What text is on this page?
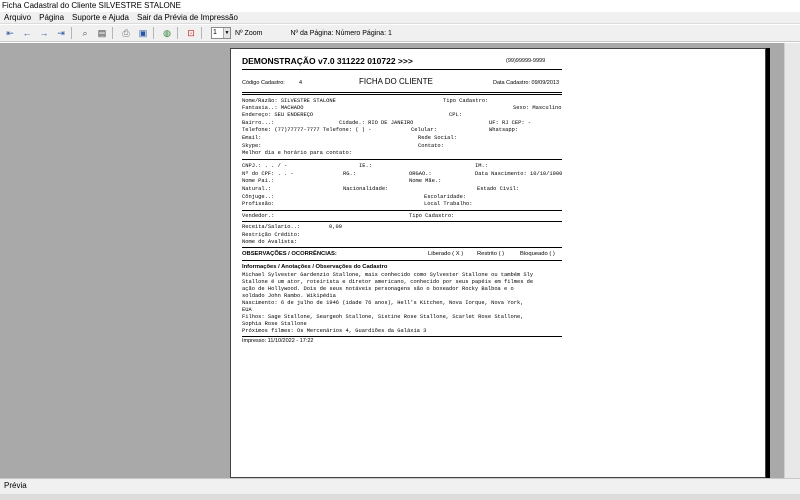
Ficha Cadastral do Cliente SILVESTRE STALONE
Arquivo	Página	Suporte e Ajuda	Sair da Prévia de Impressão
⇤ ← → ⇥	⌕	▤	⎙	▣	◍	⊡	1	▼ Nº Zoom	Nº da Página: Número Página: 1
DEMONSTRAÇÃO v7.0 311222 010722 >>>	(99)99999-9999
Código Cadastro:	4	FICHA DO CLIENTE	Data Cadastro: 09/09/2013
Nome/Razão: SILVESTRE STALONE	Tipo Cadastro:
Fantasia..: MACHADO	Sexo: Masculino
Endereço: SEU ENDEREÇO	CPL:
Bairro...:	Cidade.: RIO DE JANEIRO	UF: RJ CEP: -
Telefone: (77)77777-7777 Telefone: ( ) -	Celular:	Whatsapp:
Email:	Rede Social:
Skype:	Contato:
Melhor dia e horário para contato:
CNPJ.: . . / -	IE.:	IM.:
Nº do CPF: . . -	RG.:	ORGAO.:	Data Nascimento: 10/10/1900
Nome Pai.:	Nome Mãe.:
Natural.:	Nacionalidade:	Estado Civil:
Cônjuge..:	Escolaridade:
Profissão:	Local Trabalho:
Vendedor.:	Tipo Cadastro:
Receita/Salario..:	0,00
Restrição Crédito:
Nome do Avalista:
OBSERVAÇÕES / OCORRÊNCIAS:	Liberado ( X ) Restrito ( )	Bloqueado ( )
Informações / Anotações / Observações do Cadastro
Michael Sylvester Gardenzio Stallone, mais conhecido como Sylvester Stallone ou também Sly
Stallone é um ator, roteirista e diretor americano, conhecido por seus papéis em filmes de
ação de Hollywood. Dois de seus notáveis personagens são o boxeador Rocky Balboa e o
soldado John Rambo. Wikipédia
Nascimento: 6 de julho de 1946 (idade 76 anos), Hell's Kitchen, Nova Iorque, Nova York,
EUA
Filhos: Sage Stallone, Seargeoh Stallone, Sistine Rose Stallone, Scarlet Rose Stallone,
Sophia Rose Stallone
Próximos filmes: Os Mercenários 4, Guardiões da Galáxia 3
Impresso: 11/10/2022 - 17:22
Prévia
